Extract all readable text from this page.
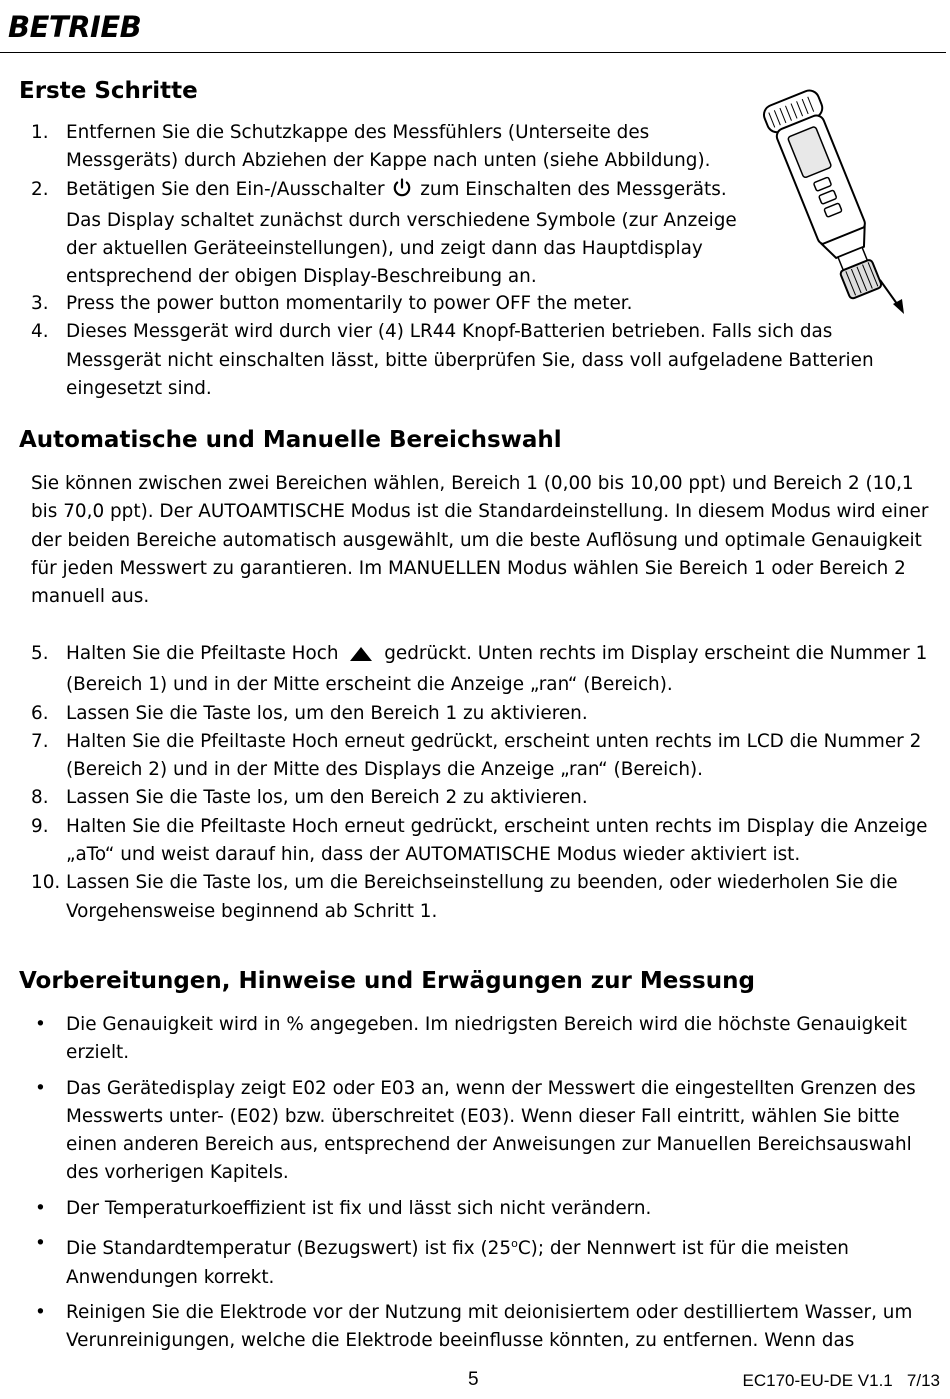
BETRIEB
Erste Schritte
1. Entfernen Sie die Schutzkappe des Messfühlers (Unterseite des Messgeräts) durch Abziehen der Kappe nach unten (siehe Abbildung).
2. Betätigen Sie den Ein-/Ausschalter zum Einschalten des Messgeräts. Das Display schaltet zunächst durch verschiedene Symbole (zur Anzeige der aktuellen Geräteeinstellungen), und zeigt dann das Hauptdisplay entsprechend der obigen Display-Beschreibung an.
3. Press the power button momentarily to power OFF the meter.
4. Dieses Messgerät wird durch vier (4) LR44 Knopf-Batterien betrieben. Falls sich das Messgerät nicht einschalten lässt, bitte überprüfen Sie, dass voll aufgeladene Batterien eingesetzt sind.
Automatische und Manuelle Bereichswahl

Sie können zwischen zwei Bereichen wählen, Bereich 1 (0,00 bis 10,00 ppt) und Bereich 2 (10,1 bis 70,0 ppt). Der AUTOAMTISCHE Modus ist die Standardeinstellung. In diesem Modus wird einer der beiden Bereiche automatisch ausgewählt, um die beste Auflösung und optimale Genauigkeit für jeden Messwert zu garantieren. Im MANUELLEN Modus wählen Sie Bereich 1 oder Bereich 2 manuell aus.

5. Halten Sie die Pfeiltaste Hoch gedrückt. Unten rechts im Display erscheint die Nummer 1 (Bereich 1) und in der Mitte erscheint die Anzeige „ran“ (Bereich).
6. Lassen Sie die Taste los, um den Bereich 1 zu aktivieren.
7. Halten Sie die Pfeiltaste Hoch erneut gedrückt, erscheint unten rechts im LCD die Nummer 2 (Bereich 2) und in der Mitte des Displays die Anzeige „ran“ (Bereich).
8. Lassen Sie die Taste los, um den Bereich 2 zu aktivieren.
9. Halten Sie die Pfeiltaste Hoch erneut gedrückt, erscheint unten rechts im Display die Anzeige „aTo“ und weist darauf hin, dass der AUTOMATISCHE Modus wieder aktiviert ist.
10. Lassen Sie die Taste los, um die Bereichseinstellung zu beenden, oder wiederholen Sie die Vorgehensweise beginnend ab Schritt 1.
Vorbereitungen, Hinweise und Erwägungen zur Messung
• Die Genauigkeit wird in % angegeben. Im niedrigsten Bereich wird die höchste Genauigkeit erzielt.
• Das Gerätedisplay zeigt E02 oder E03 an, wenn der Messwert die eingestellten Grenzen des Messwerts unter- (E02) bzw. überschreitet (E03). Wenn dieser Fall eintritt, wählen Sie bitte einen anderen Bereich aus, entsprechend der Anweisungen zur Manuellen Bereichsauswahl des vorherigen Kapitels.
• Der Temperaturkoeffizient ist fix und lässt sich nicht verändern.
• Die Standardtemperatur (Bezugswert) ist fix (25$^o$C); der Nennwert ist für die meisten Anwendungen korrekt.
• Reinigen Sie die Elektrode vor der Nutzung mit deionisiertem oder destilliertem Wasser, um Verunreinigungen, welche die Elektrode beeinflusse könnten, zu entfernen. Wenn das
5	EC170-EU-DE V1.1   7/13
